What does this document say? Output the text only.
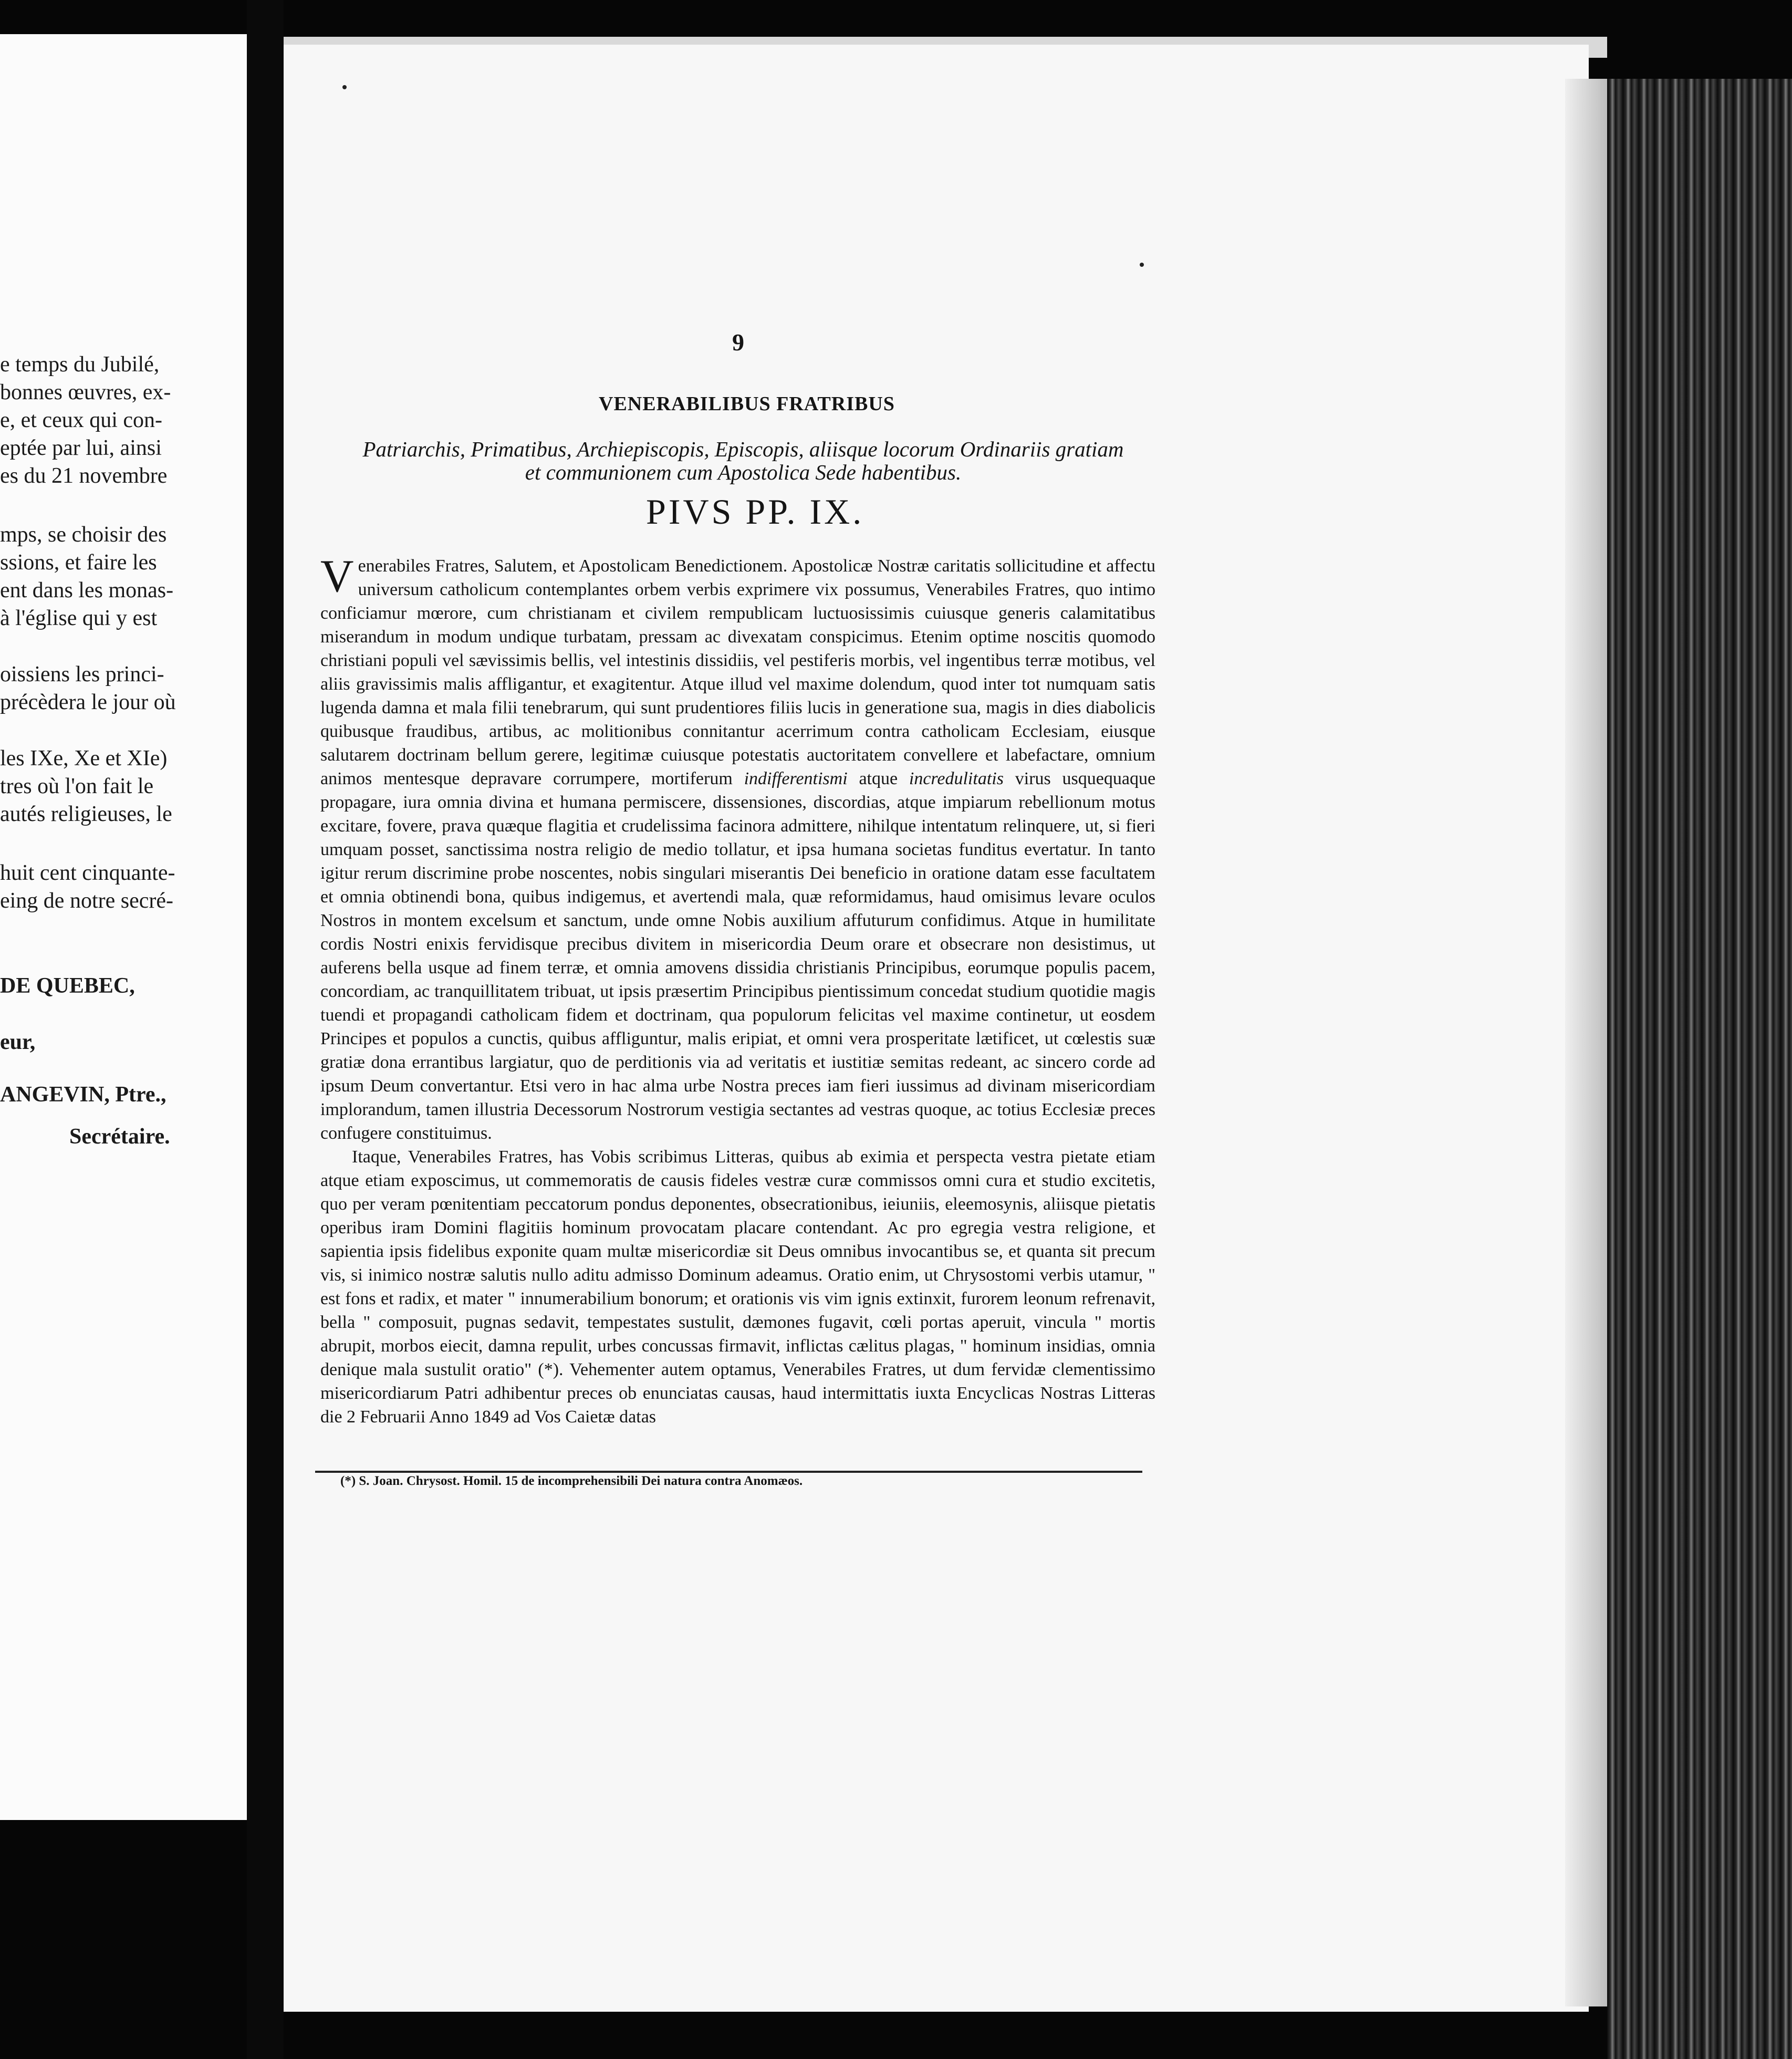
e temps du Jubilé,
bonnes œuvres, ex-
e, et ceux qui con-
eptée par lui, ainsi
es du 21 novembre
mps, se choisir des
ssions, et faire les
ent dans les monas-
à l'église qui y est
oissiens les princi-
précèdera le jour où
les IXe, Xe et XIe)
tres où l'on fait le
autés religieuses, le
huit cent cinquante-
eing de notre secré-
DE QUEBEC,
eur,
ANGEVIN, Ptre.,
Secrétaire.
9
VENERABILIBUS FRATRIBUS
Patriarchis, Primatibus, Archiepiscopis, Episcopis, aliisque locorum Ordinariis gratiam
et communionem cum Apostolica Sede habentibus.
PIVS PP. IX.

Venerabiles Fratres, Salutem, et Apostolicam Benedictionem. Apostolicæ Nostræ caritatis sollicitudine et affectu universum catholicum contemplantes orbem verbis exprimere vix possumus, Venerabiles Fratres, quo intimo conficiamur mœrore, cum christianam et civilem rempublicam luctuosissimis cuiusque generis calamitatibus miserandum in modum undique turbatam, pressam ac divexatam conspicimus. Etenim optime noscitis quomodo christiani populi vel sævissimis bellis, vel intestinis dissidiis, vel pestiferis morbis, vel ingentibus terræ motibus, vel aliis gravissimis malis affligantur, et exagitentur. Atque illud vel maxime dolendum, quod inter tot numquam satis lugenda damna et mala filii tenebrarum, qui sunt prudentiores filiis lucis in generatione sua, magis in dies diabolicis quibusque fraudibus, artibus, ac molitionibus connitantur acerrimum contra catholicam Ecclesiam, eiusque salutarem doctrinam bellum gerere, legitimæ cuiusque potestatis auctoritatem convellere et labefactare, omnium animos mentesque depravare corrumpere, mortiferum indifferentismi atque incredulitatis virus usquequaque propagare, iura omnia divina et humana permiscere, dissensiones, discordias, atque impiarum rebellionum motus excitare, fovere, prava quæque flagitia et crudelissima facinora admittere, nihilque intentatum relinquere, ut, si fieri umquam posset, sanctissima nostra religio de medio tollatur, et ipsa humana societas funditus evertatur. In tanto igitur rerum discrimine probe noscentes, nobis singulari miserantis Dei beneficio in oratione datam esse facultatem et omnia obtinendi bona, quibus indigemus, et avertendi mala, quæ reformidamus, haud omisimus levare oculos Nostros in montem excelsum et sanctum, unde omne Nobis auxilium affuturum confidimus. Atque in humilitate cordis Nostri enixis fervidisque precibus divitem in misericordia Deum orare et obsecrare non desistimus, ut auferens bella usque ad finem terræ, et omnia amovens dissidia christianis Principibus, eorumque populis pacem, concordiam, ac tranquillitatem tribuat, ut ipsis præsertim Principibus pientissimum concedat studium quotidie magis tuendi et propagandi catholicam fidem et doctrinam, qua populorum felicitas vel maxime continetur, ut eosdem Principes et populos a cunctis, quibus affliguntur, malis eripiat, et omni vera prosperitate lætificet, ut cœlestis suæ gratiæ dona errantibus largiatur, quo de perditionis via ad veritatis et iustitiæ semitas redeant, ac sincero corde ad ipsum Deum convertantur. Etsi vero in hac alma urbe Nostra preces iam fieri iussimus ad divinam misericordiam implorandum, tamen illustria Decessorum Nostrorum vestigia sectantes ad vestras quoque, ac totius Ecclesiæ preces confugere constituimus.

Itaque, Venerabiles Fratres, has Vobis scribimus Litteras, quibus ab eximia et perspecta vestra pietate etiam atque etiam exposcimus, ut commemoratis de causis fideles vestræ curæ commissos omni cura et studio excitetis, quo per veram pœnitentiam peccatorum pondus deponentes, obsecrationibus, ieiuniis, eleemosynis, aliisque pietatis operibus iram Domini flagitiis hominum provocatam placare contendant. Ac pro egregia vestra religione, et sapientia ipsis fidelibus exponite quam multæ misericordiæ sit Deus omnibus invocantibus se, et quanta sit precum vis, si inimico nostræ salutis nullo aditu admisso Dominum adeamus. Oratio enim, ut Chrysostomi verbis utamur, " est fons et radix, et mater " innumerabilium bonorum; et orationis vis vim ignis extinxit, furorem leonum refrenavit, bella " composuit, pugnas sedavit, tempestates sustulit, dæmones fugavit, cœli portas aperuit, vincula " mortis abrupit, morbos eiecit, damna repulit, urbes concussas firmavit, inflictas cælitus plagas, " hominum insidias, omnia denique mala sustulit oratio" (*). Vehementer autem optamus, Venerabiles Fratres, ut dum fervidæ clementissimo misericordiarum Patri adhibentur preces ob enunciatas causas, haud intermittatis iuxta Encyclicas Nostras Litteras die 2 Februarii Anno 1849 ad Vos Caietæ datas

(*) S. Joan. Chrysost. Homil. 15 de incomprehensibili Dei natura contra Anomæos.
